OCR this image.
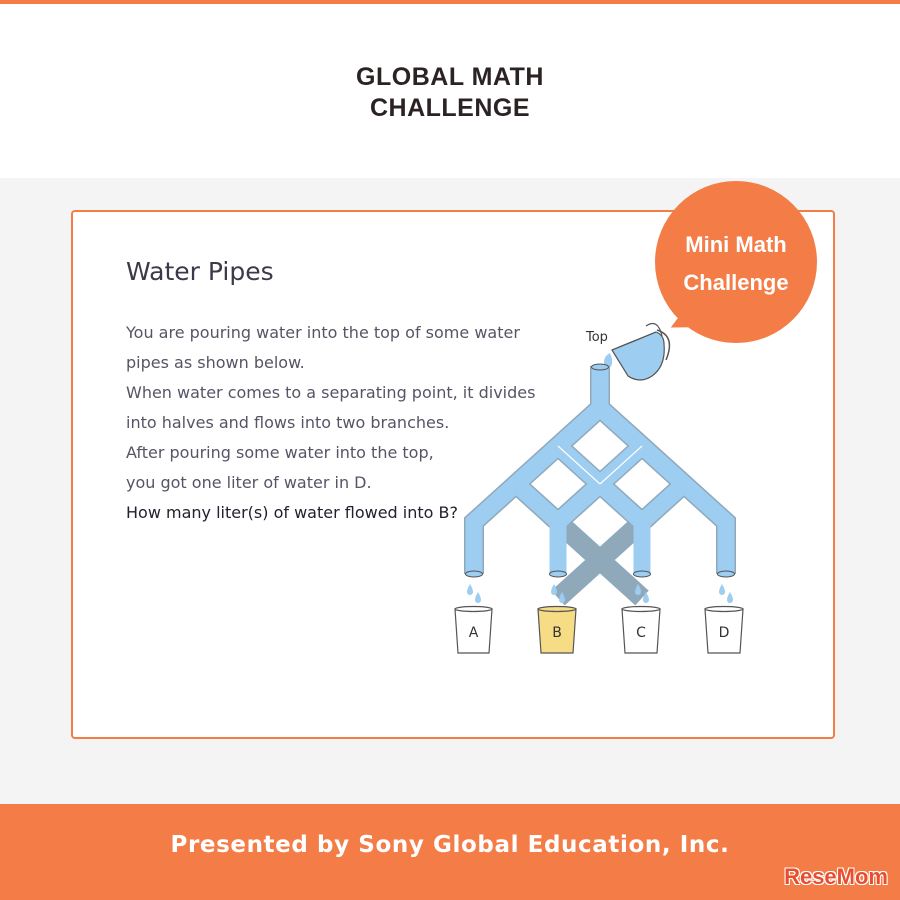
GLOBAL MATH
CHALLENGE
Mini Math
Challenge
Water Pipes

You are pouring water into the top of some water

pipes as shown below.

When water comes to a separating point, it divides

into halves and flows into two branches.

After pouring some water into the top,

you got one liter of water in D.

How many liter(s) of water flowed into B?

Top
A	B	C	D
Presented by Sony Global Education, Inc.
ReseMom
